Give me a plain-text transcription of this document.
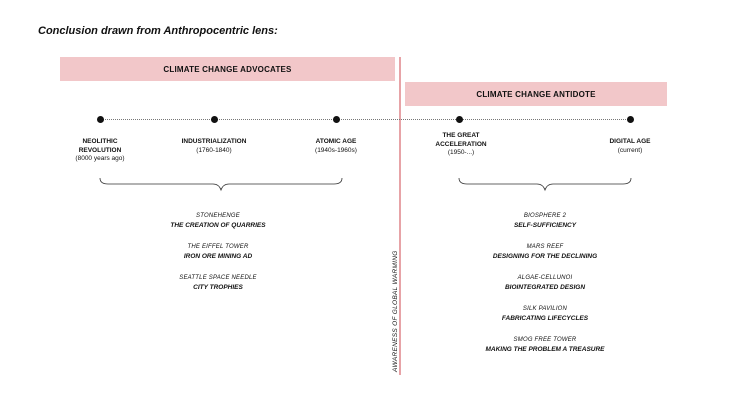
Conclusion drawn from Anthropocentric lens:
CLIMATE CHANGE ADVOCATES
CLIMATE CHANGE ANTIDOTE
AWARENESS OF GLOBAL WARMING
NEOLITHIC
REVOLUTION
(8000 years ago)
INDUSTRIALIZATION
(1760-1840)
ATOMIC AGE
(1940s-1960s)
THE GREAT
ACCELERATION
(1950-...)
DIGITAL AGE
(current)
STONEHENGE
THE CREATION OF QUARRIES
THE EIFFEL TOWER
IRON ORE MINING AD
SEATTLE SPACE NEEDLE
CITY TROPHIES
BIOSPHERE 2
SELF-SUFFICIENCY
MARS REEF
DESIGNING FOR THE DECLINING
ALGAE-CELLUNOI
BIOINTEGRATED DESIGN
SILK PAVILION
FABRICATING LIFECYCLES
SMOG FREE TOWER
MAKING THE PROBLEM A TREASURE
